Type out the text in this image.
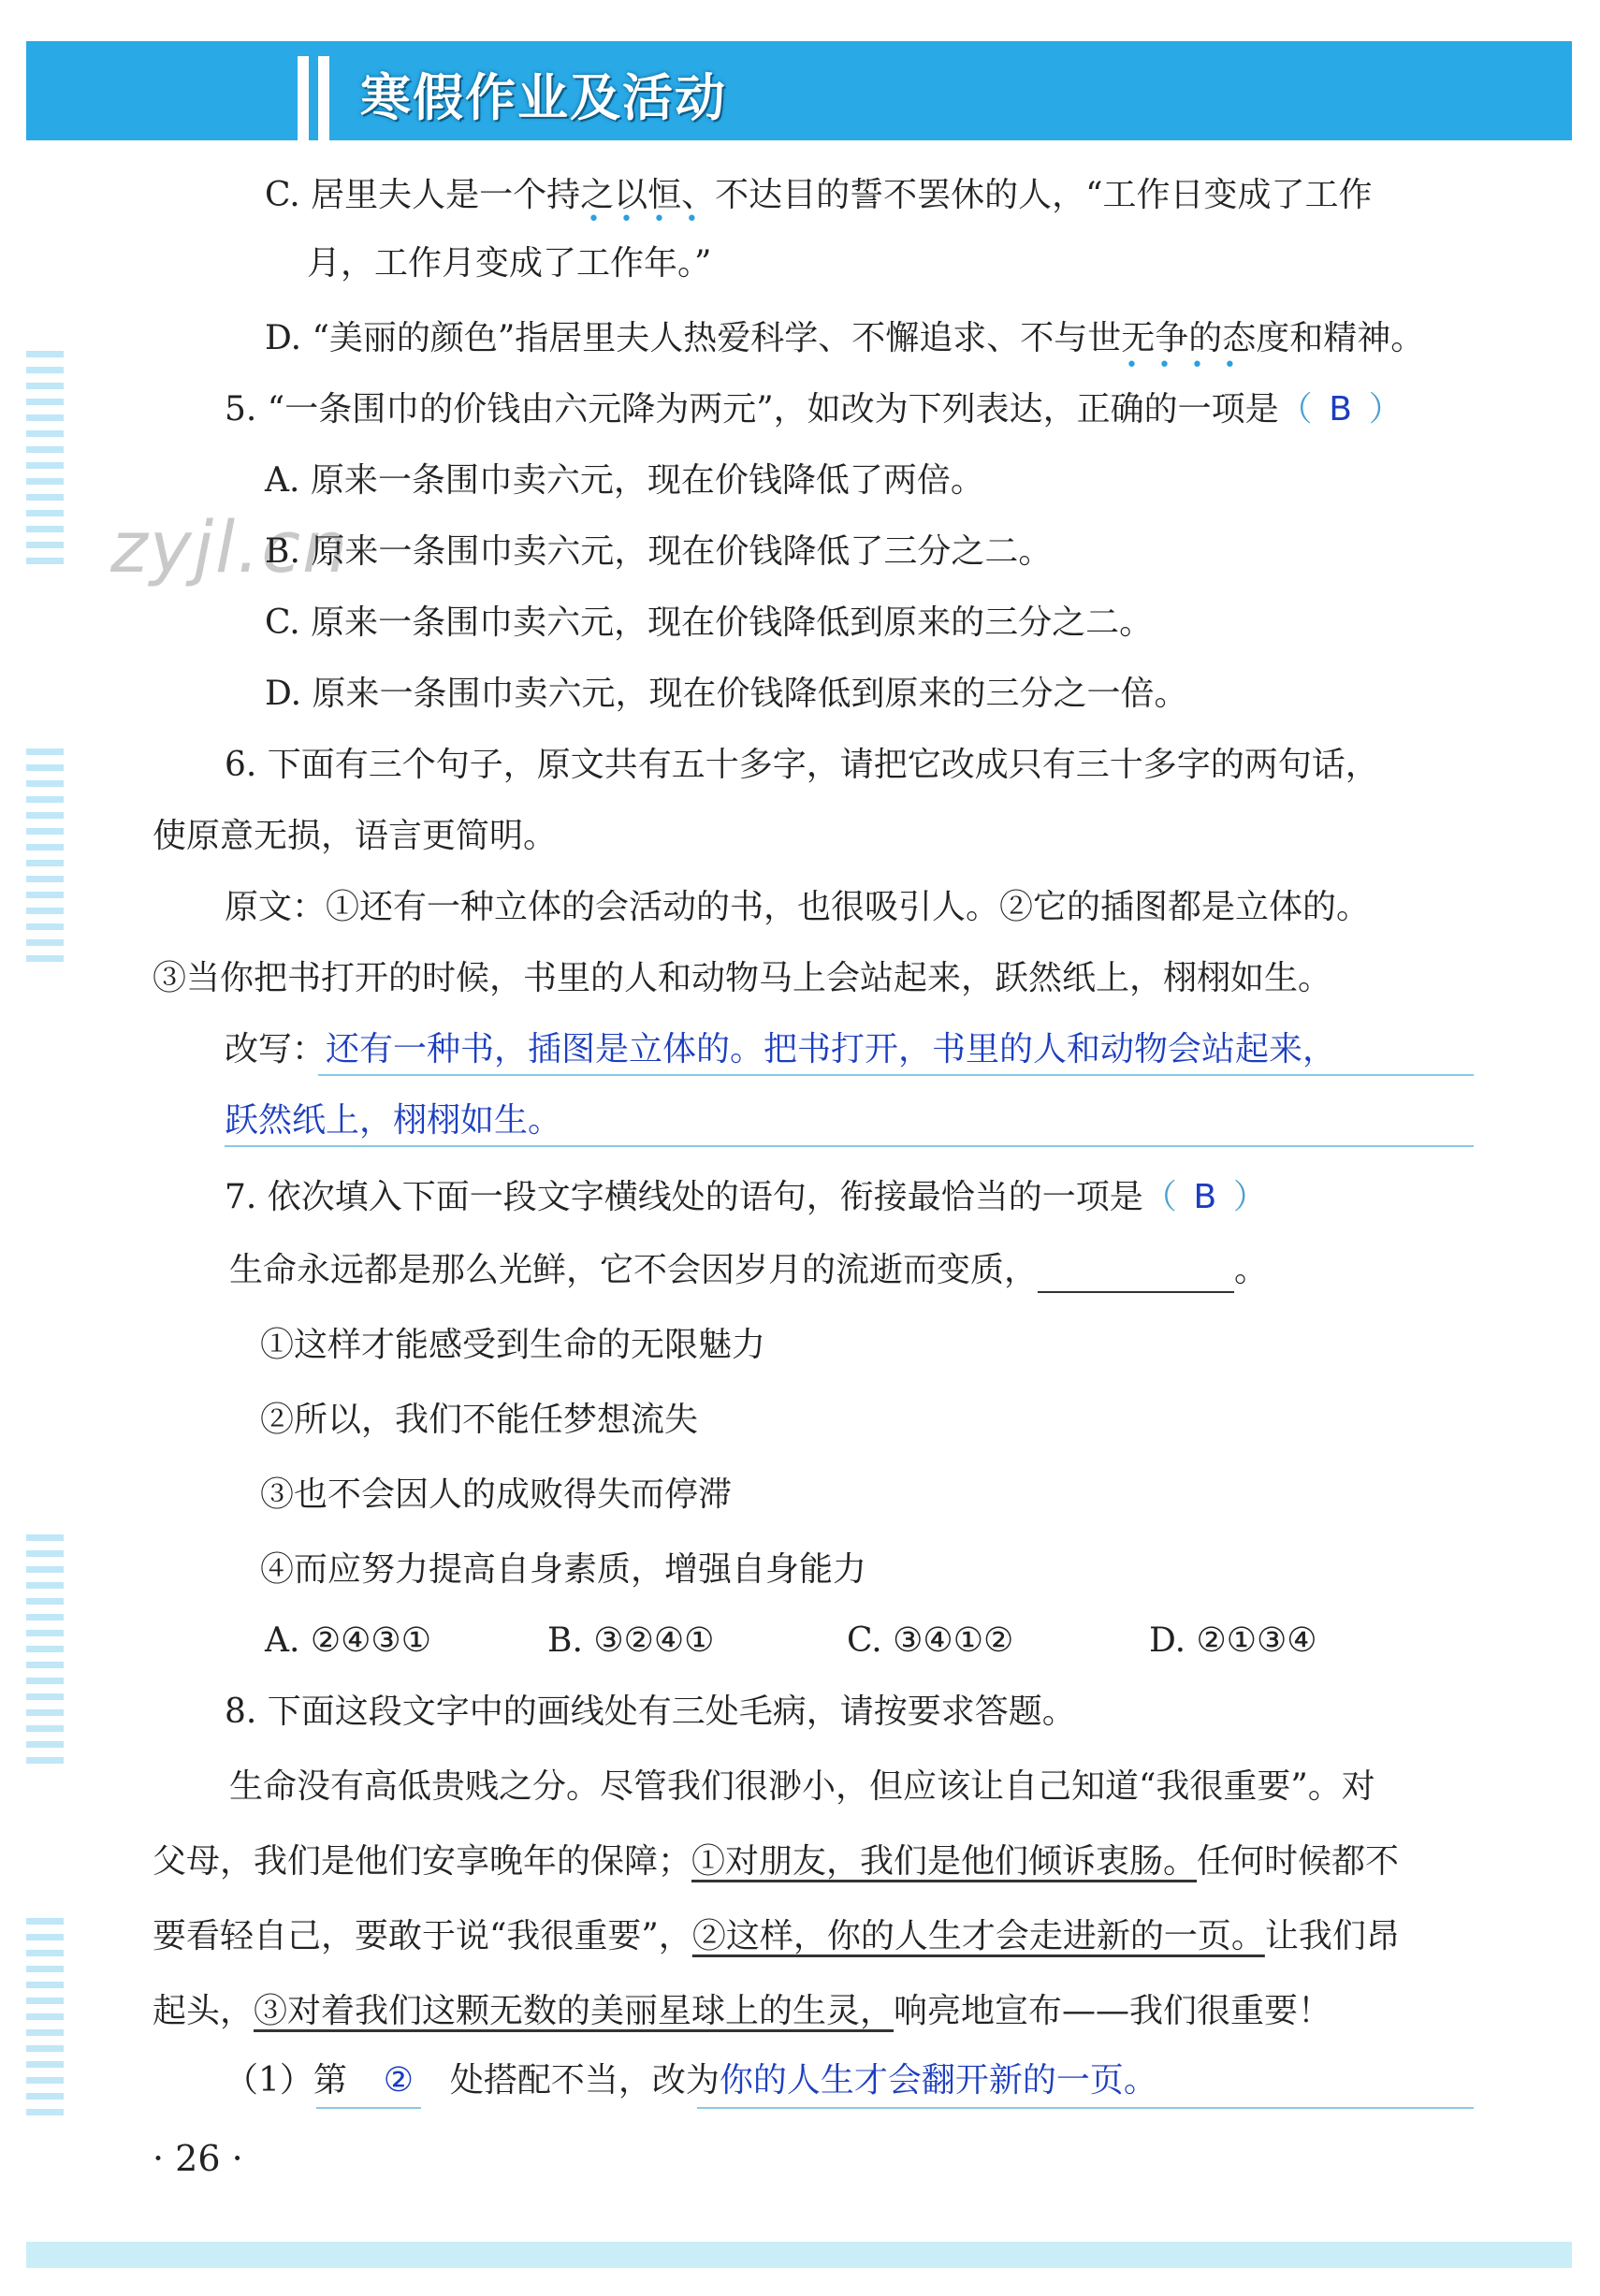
寒假作业及活动
zyjl.cn
C. 居里夫人是一个持之以恒、不达目的誓不罢休的人，“工作日变成了工作
••••
月，工作月变成了工作年。”
D. “美丽的颜色”指居里夫人热爱科学、不懈追求、不与世无争的态度和精神。
••••
5. “一条围巾的价钱由六元降为两元”，如改为下列表达，正确的一项是（ B ）
A. 原来一条围巾卖六元，现在价钱降低了两倍。
B. 原来一条围巾卖六元，现在价钱降低了三分之二。
C. 原来一条围巾卖六元，现在价钱降低到原来的三分之二。
D. 原来一条围巾卖六元，现在价钱降低到原来的三分之一倍。
6. 下面有三个句子，原文共有五十多字，请把它改成只有三十多字的两句话，
使原意无损，语言更简明。
原文：①还有一种立体的会活动的书，也很吸引人。②它的插图都是立体的。
③当你把书打开的时候，书里的人和动物马上会站起来，跃然纸上，栩栩如生。
改写：还有一种书，插图是立体的。把书打开，书里的人和动物会站起来，
跃然纸上，栩栩如生。
7. 依次填入下面一段文字横线处的语句，衔接最恰当的一项是（ B ）
生命永远都是那么光鲜，它不会因岁月的流逝而变质，	。
①这样才能感受到生命的无限魅力
②所以，我们不能任梦想流失
③也不会因人的成败得失而停滞
④而应努力提高自身素质，增强自身能力
A. ②④③①	B. ③②④①	C. ③④①②	D. ②①③④
8. 下面这段文字中的画线处有三处毛病，请按要求答题。
生命没有高低贵贱之分。尽管我们很渺小，但应该让自己知道“我很重要”。对
父母，我们是他们安享晚年的保障；①对朋友，我们是他们倾诉衷肠。任何时候都不
要看轻自己，要敢于说“我很重要”，②这样，你的人生才会走进新的一页。让我们昂
起头，③对着我们这颗无数的美丽星球上的生灵，响亮地宣布——我们很重要！
（1）第 ② 处搭配不当，改为你的人生才会翻开新的一页。
· 26 ·
